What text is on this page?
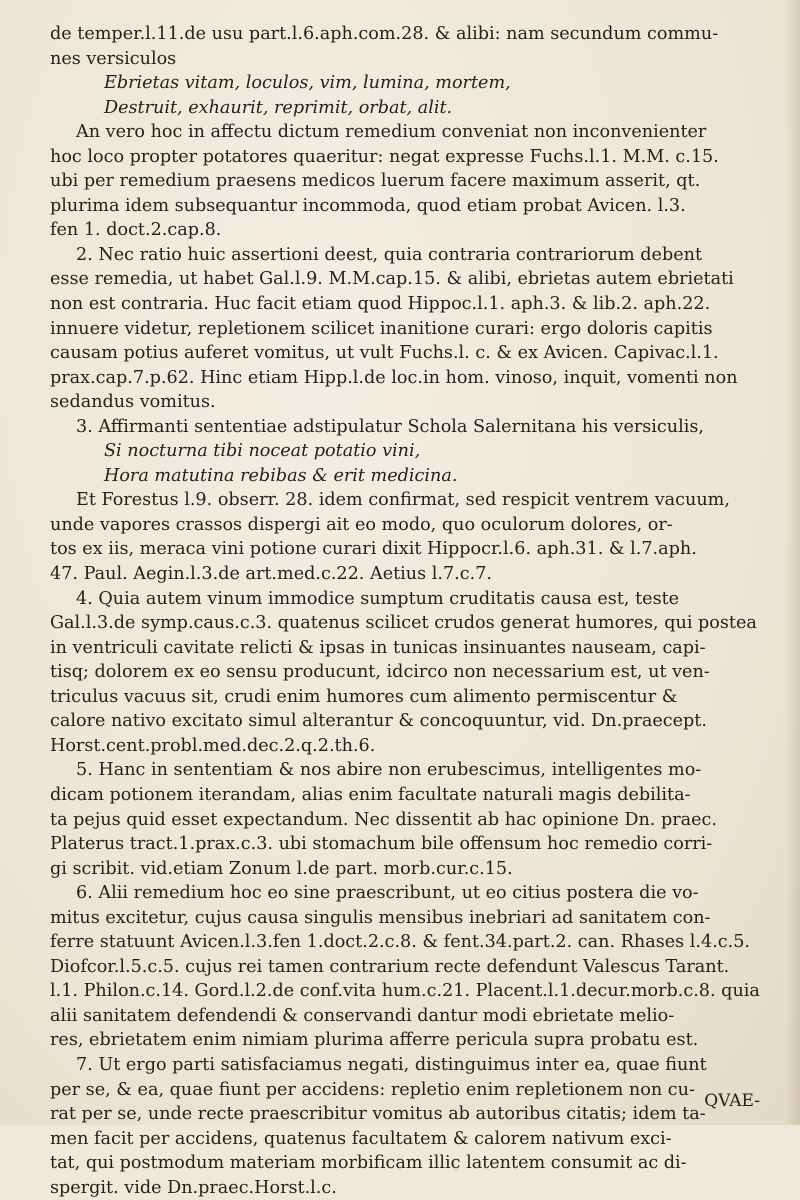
de temper.l.11.de usu part.l.6.aph.com.28. & alibi: nam secundum commu-
nes versiculos
Ebrietas vitam, loculos, vim, lumina, mortem,
Destruit, exhaurit, reprimit, orbat, alit.
An vero hoc in affectu dictum remedium conveniat non inconvenienter
hoc loco propter potatores quaeritur: negat expresse Fuchs.l.1. M.M. c.15.
ubi per remedium praesens medicos luerum facere maximum asserit, qt.
plurima idem subsequantur incommoda, quod etiam probat Avicen. l.3.
fen 1. doct.2.cap.8.
2. Nec ratio huic assertioni deest, quia contraria contrariorum debent
esse remedia, ut habet Gal.l.9. M.M.cap.15. & alibi, ebrietas autem ebrietati
non est contraria. Huc facit etiam quod Hippoc.l.1. aph.3. & lib.2. aph.22.
innuere videtur, repletionem scilicet inanitione curari: ergo doloris capitis
causam potius auferet vomitus, ut vult Fuchs.l. c. & ex Avicen. Capivac.l.1.
prax.cap.7.p.62. Hinc etiam Hipp.l.de loc.in hom. vinoso, inquit, vomenti non
sedandus vomitus.
3. Affirmanti sententiae adstipulatur Schola Salernitana his versiculis,
Si nocturna tibi noceat potatio vini,
Hora matutina rebibas & erit medicina.
Et Forestus l.9. obserr. 28. idem confirmat, sed respicit ventrem vacuum,
unde vapores crassos dispergi ait eo modo, quo oculorum dolores, or-
tos ex iis, meraca vini potione curari dixit Hippocr.l.6. aph.31. & l.7.aph.
47. Paul. Aegin.l.3.de art.med.c.22. Aetius l.7.c.7.
4. Quia autem vinum immodice sumptum cruditatis causa est, teste
Gal.l.3.de symp.caus.c.3. quatenus scilicet crudos generat humores, qui postea
in ventriculi cavitate relicti & ipsas in tunicas insinuantes nauseam, capi-
tisq; dolorem ex eo sensu producunt, idcirco non necessarium est, ut ven-
triculus vacuus sit, crudi enim humores cum alimento permiscentur &
calore nativo excitato simul alterantur & concoquuntur, vid. Dn.praecept.
Horst.cent.probl.med.dec.2.q.2.th.6.
5. Hanc in sententiam & nos abire non erubescimus, intelligentes mo-
dicam potionem iterandam, alias enim facultate naturali magis debilita-
ta pejus quid esset expectandum. Nec dissentit ab hac opinione Dn. praec.
Platerus tract.1.prax.c.3. ubi stomachum bile offensum hoc remedio corri-
gi scribit. vid.etiam Zonum l.de part. morb.cur.c.15.
6. Alii remedium hoc eo sine praescribunt, ut eo citius postera die vo-
mitus excitetur, cujus causa singulis mensibus inebriari ad sanitatem con-
ferre statuunt Avicen.l.3.fen 1.doct.2.c.8. & fent.34.part.2. can. Rhases l.4.c.5.
Diofcor.l.5.c.5. cujus rei tamen contrarium recte defendunt Valescus Tarant.
l.1. Philon.c.14. Gord.l.2.de conf.vita hum.c.21. Placent.l.1.decur.morb.c.8. quia
alii sanitatem defendendi & conservandi dantur modi ebrietate melio-
res, ebrietatem enim nimiam plurima afferre pericula supra probatu est.
7. Ut ergo parti satisfaciamus negati, distinguimus inter ea, quae fiunt
per se, & ea, quae fiunt per accidens: repletio enim repletionem non cu-
rat per se, unde recte praescribitur vomitus ab autoribus citatis; idem ta-
men facit per accidens, quatenus facultatem & calorem nativum exci-
tat, qui postmodum materiam morbificam illic latentem consumit ac di-
spergit. vide Dn.praec.Horst.l.c.
QVAE-
